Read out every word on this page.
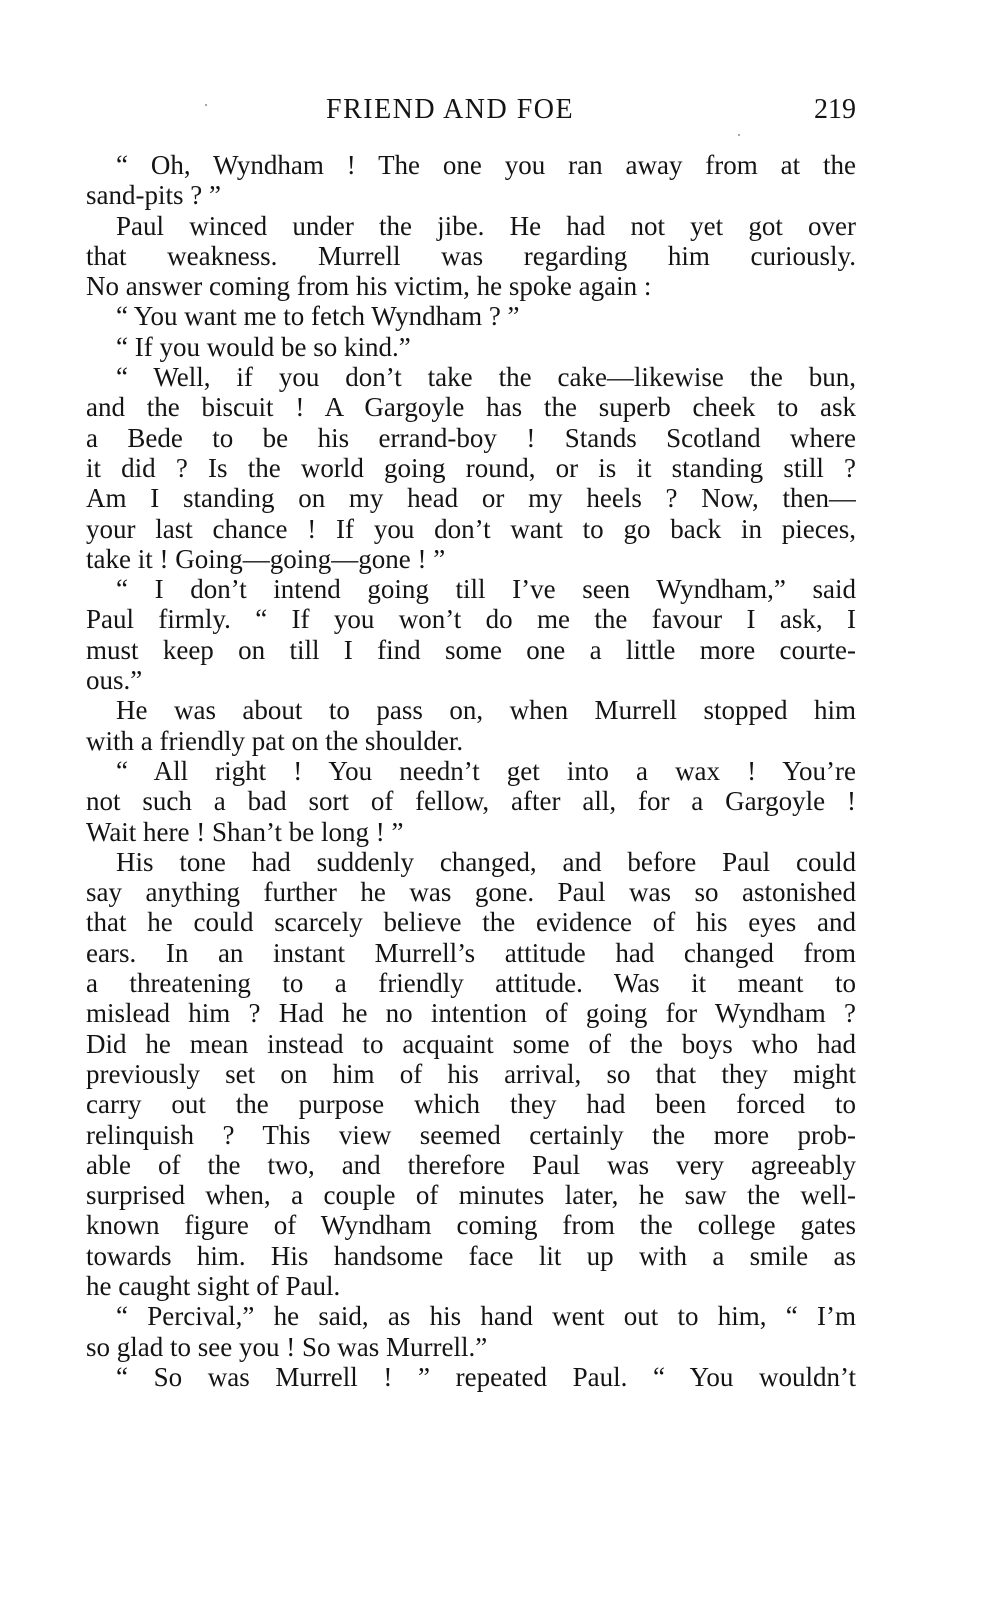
FRIEND AND FOE	219
“ Oh, Wyndham ! The one you ran away from at the
sand-pits ? ”
Paul winced under the jibe. He had not yet got over
that weakness. Murrell was regarding him curiously.
No answer coming from his victim, he spoke again :
“ You want me to fetch Wyndham ? ”
“ If you would be so kind.”
“ Well, if you don’t take the cake—likewise the bun,
and the biscuit ! A Gargoyle has the superb cheek to ask
a Bede to be his errand-boy ! Stands Scotland where
it did ? Is the world going round, or is it standing still ?
Am I standing on my head or my heels ? Now, then—
your last chance ! If you don’t want to go back in pieces,
take it ! Going—going—gone ! ”
“ I don’t intend going till I’ve seen Wyndham,” said
Paul firmly. “ If you won’t do me the favour I ask, I
must keep on till I find some one a little more courte-
ous.”
He was about to pass on, when Murrell stopped him
with a friendly pat on the shoulder.
“ All right ! You needn’t get into a wax ! You’re
not such a bad sort of fellow, after all, for a Gargoyle !
Wait here ! Shan’t be long ! ”
His tone had suddenly changed, and before Paul could
say anything further he was gone. Paul was so astonished
that he could scarcely believe the evidence of his eyes and
ears. In an instant Murrell’s attitude had changed from
a threatening to a friendly attitude. Was it meant to
mislead him ? Had he no intention of going for Wyndham ?
Did he mean instead to acquaint some of the boys who had
previously set on him of his arrival, so that they might
carry out the purpose which they had been forced to
relinquish ? This view seemed certainly the more prob-
able of the two, and therefore Paul was very agreeably
surprised when, a couple of minutes later, he saw the well-
known figure of Wyndham coming from the college gates
towards him. His handsome face lit up with a smile as
he caught sight of Paul.
“ Percival,” he said, as his hand went out to him, “ I’m
so glad to see you ! So was Murrell.”
“ So was Murrell ! ” repeated Paul. “ You wouldn’t
